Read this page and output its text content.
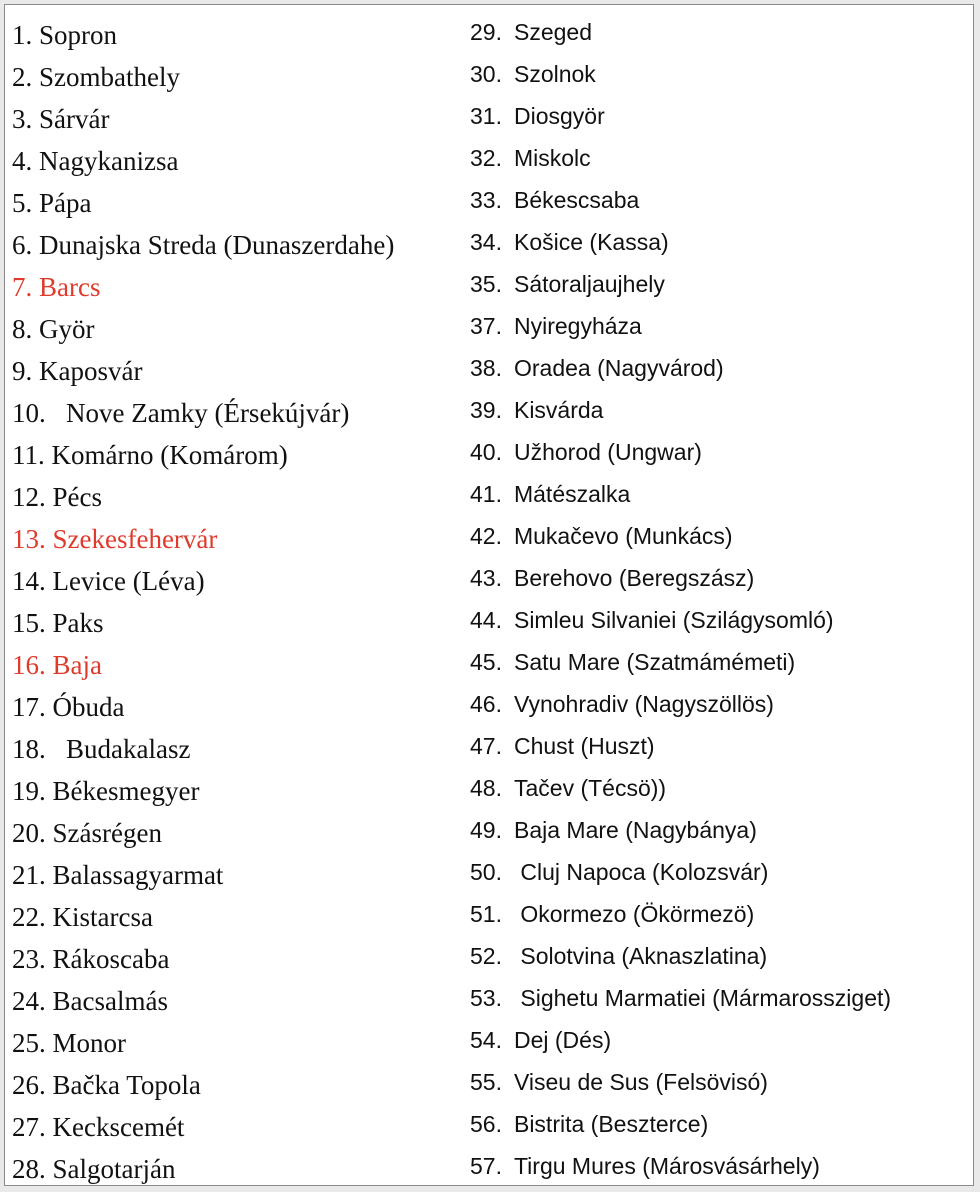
1. Sopron
2. Szombathely
3. Sárvár
4. Nagykanizsa
5. Pápa
6. Dunajska Streda (Dunaszerdahe)
7. Barcs
8. Györ
9. Kaposvár
10.   Nove Zamky (Érsekújvár)
11. Komárno (Komárom)
12. Pécs
13. Szekesfehervár
14. Levice (Léva)
15. Paks
16. Baja
17. Óbuda
18.   Budakalasz
19. Békesmegyer
20. Szásrégen
21. Balassagyarmat
22. Kistarcsa
23. Rákoscaba
24. Bacsalmás
25. Monor
26. Bačka Topola
27. Keckscemét
28. Salgotarján
29. Szeged
30. Szolnok
31. Diosgyör
32. Miskolc
33. Békescsaba
34. Košice (Kassa)
35. Sátoraljaujhely
37. Nyiregyháza
38. Oradea (Nagyvárod)
39. Kisvárda
40. Užhorod (Ungwar)
41. Mátészalka
42. Mukačevo (Munkács)
43. Berehovo (Beregszász)
44. Simleu Silvaniei (Szilágysomló)
45. Satu Mare (Szatmámémeti)
46. Vynohradiv (Nagyszöllös)
47. Chust (Huszt)
48. Tačev (Técsö))
49. Baja Mare (Nagybánya)
50. Cluj Napoca (Kolozsvár)
51. Okormezo (Ökörmezö)
52. Solotvina (Aknaszlatina)
53. Sighetu Marmatiei (Mármarossziget)
54. Dej (Dés)
55. Viseu de Sus (Felsövisó)
56. Bistrita (Beszterce)
57. Tirgu Mures (Márosvásárhely)
